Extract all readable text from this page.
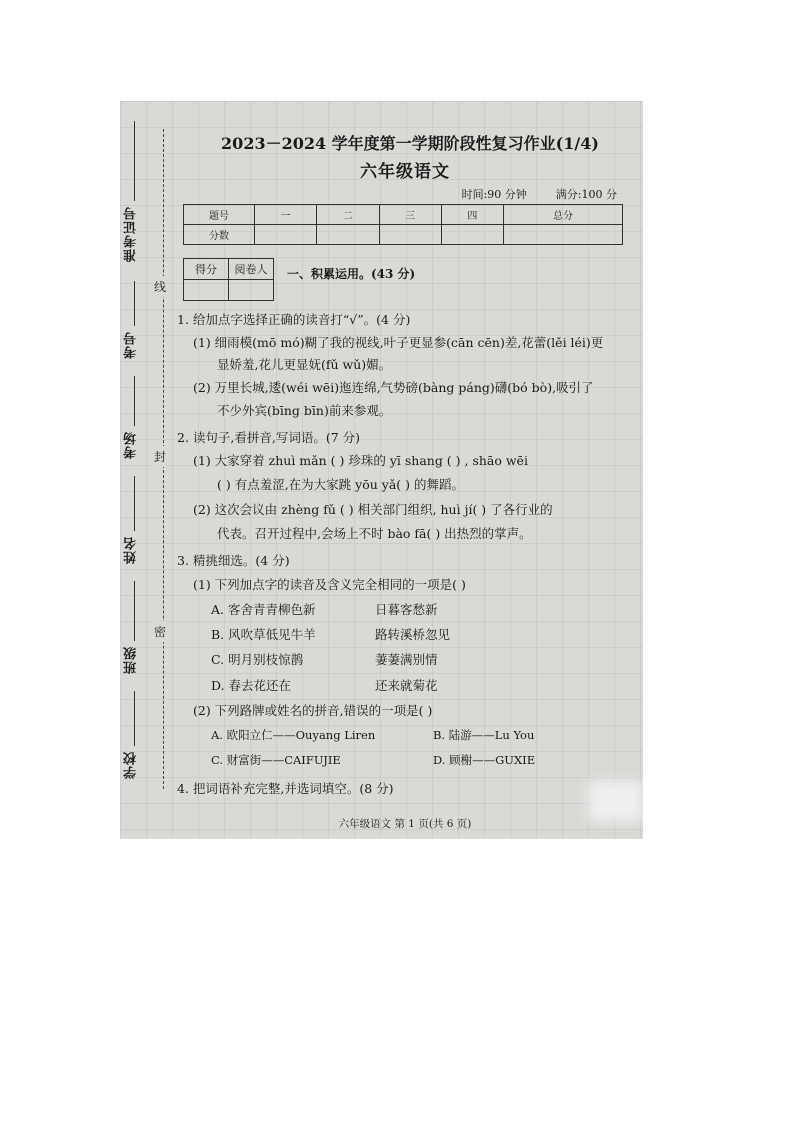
准考证号
考号
考场
姓名
班级
学校
线
封
密
2023－2024 学年度第一学期阶段性复习作业(1/4)
六年级语文
时间:90 分钟	满分:100 分
题号	一	二	三	四	总分
分数					
得分	阅卷人
	一、积累运用。(43 分)
1. 给加点字选择正确的读音打“√”。(4 分)
(1) 细雨模(mō mó)糊了我的视线,叶子更显参(cān cēn)差,花蕾(lěi léi)更
显娇羞,花儿更显妩(fǔ wǔ)媚。
(2) 万里长城,逶(wéi wēi)迤连绵,气势磅(bàng páng)礴(bó bò),吸引了
不少外宾(bīng bīn)前来参观。
2. 读句子,看拼音,写词语。(7 分)
(1) 大家穿着 zhuì mǎn ( ) 珍珠的 yī shang ( ) , shāo wēi
( ) 有点羞涩,在为大家跳 yōu yǎ( ) 的舞蹈。
(2) 这次会议由 zhèng fǔ ( ) 相关部门组织, huì jí( ) 了各行业的
代表。召开过程中,会场上不时 bào fā( ) 出热烈的掌声。
3. 精挑细选。(4 分)
(1) 下列加点字的读音及含义完全相同的一项是( )
A. 客舍青青柳色新	日暮客愁新
B. 风吹草低见牛羊	路转溪桥忽见
C. 明月别枝惊鹊	萋萋满别情
D. 春去花还在	还来就菊花
(2) 下列路牌或姓名的拼音,错误的一项是( )
A. 欧阳立仁——Ouyang Liren	B. 陆游——Lu You
C. 财富街——CAIFUJIE	D. 顾榭——GUXIE
4. 把词语补充完整,并选词填空。(8 分)
六年级语文 第 1 页(共 6 页)
